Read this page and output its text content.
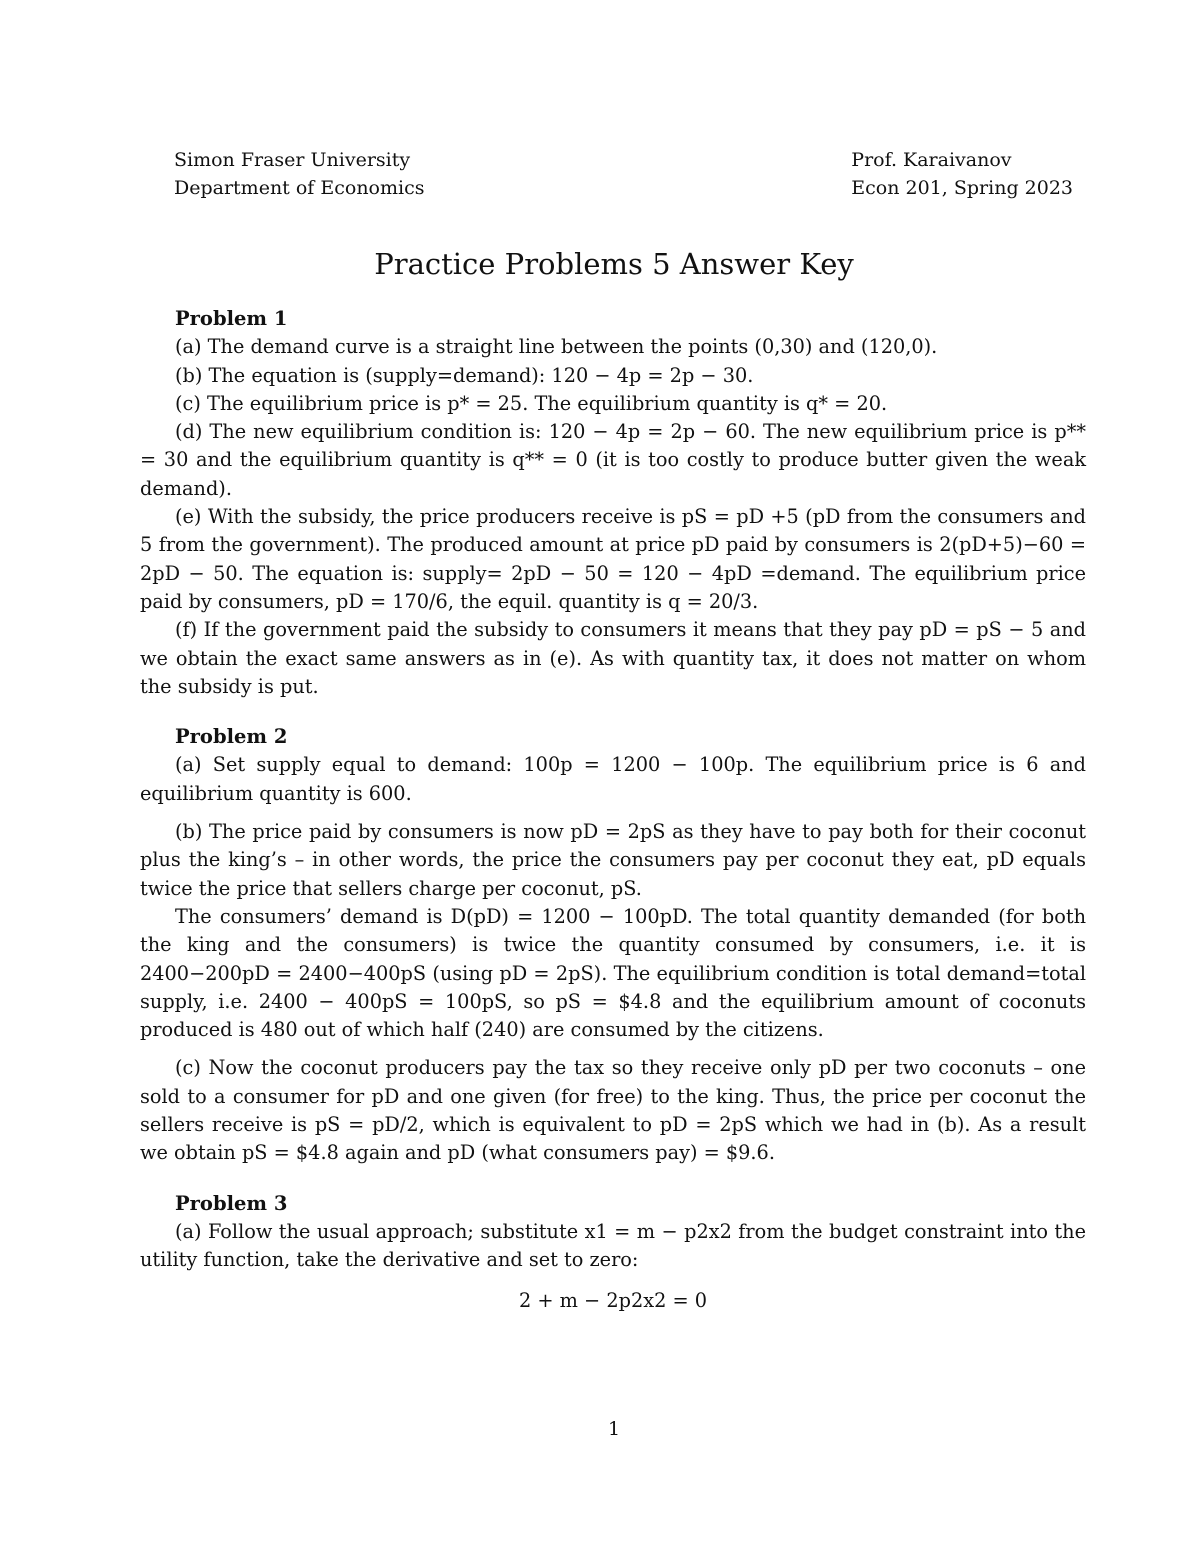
Simon Fraser University
Department of Economics
Prof. Karaivanov
Econ 201, Spring 2023
Practice Problems 5 Answer Key
Problem 1

(a) The demand curve is a straight line between the points (0,30) and (120,0).

(b) The equation is (supply=demand): 120 − 4p = 2p − 30.

(c) The equilibrium price is p* = 25. The equilibrium quantity is q* = 20.

(d) The new equilibrium condition is: 120 − 4p = 2p − 60. The new equilibrium price is p** = 30 and the equilibrium quantity is q** = 0 (it is too costly to produce butter given the weak demand).

(e) With the subsidy, the price producers receive is pS = pD +5 (pD from the consumers and 5 from the government). The produced amount at price pD paid by consumers is 2(pD+5)−60 = 2pD − 50. The equation is: supply= 2pD − 50 = 120 − 4pD =demand. The equilibrium price paid by consumers, pD = 170/6, the equil. quantity is q = 20/3.

(f) If the government paid the subsidy to consumers it means that they pay pD = pS − 5 and we obtain the exact same answers as in (e). As with quantity tax, it does not matter on whom the subsidy is put.

Problem 2

(a) Set supply equal to demand: 100p = 1200 − 100p. The equilibrium price is 6 and equilibrium quantity is 600.

(b) The price paid by consumers is now pD = 2pS as they have to pay both for their coconut plus the king’s – in other words, the price the consumers pay per coconut they eat, pD equals twice the price that sellers charge per coconut, pS.

The consumers’ demand is D(pD) = 1200 − 100pD. The total quantity demanded (for both the king and the consumers) is twice the quantity consumed by consumers, i.e. it is 2400−200pD = 2400−400pS (using pD = 2pS). The equilibrium condition is total demand=total supply, i.e. 2400 − 400pS = 100pS, so pS = $4.8 and the equilibrium amount of coconuts produced is 480 out of which half (240) are consumed by the citizens.

(c) Now the coconut producers pay the tax so they receive only pD per two coconuts – one sold to a consumer for pD and one given (for free) to the king. Thus, the price per coconut the sellers receive is pS = pD/2, which is equivalent to pD = 2pS which we had in (b). As a result we obtain pS = $4.8 again and pD (what consumers pay) = $9.6.

Problem 3

(a) Follow the usual approach; substitute x1 = m − p2x2 from the budget constraint into the utility function, take the derivative and set to zero:

2 + m − 2p2x2 = 0
1
